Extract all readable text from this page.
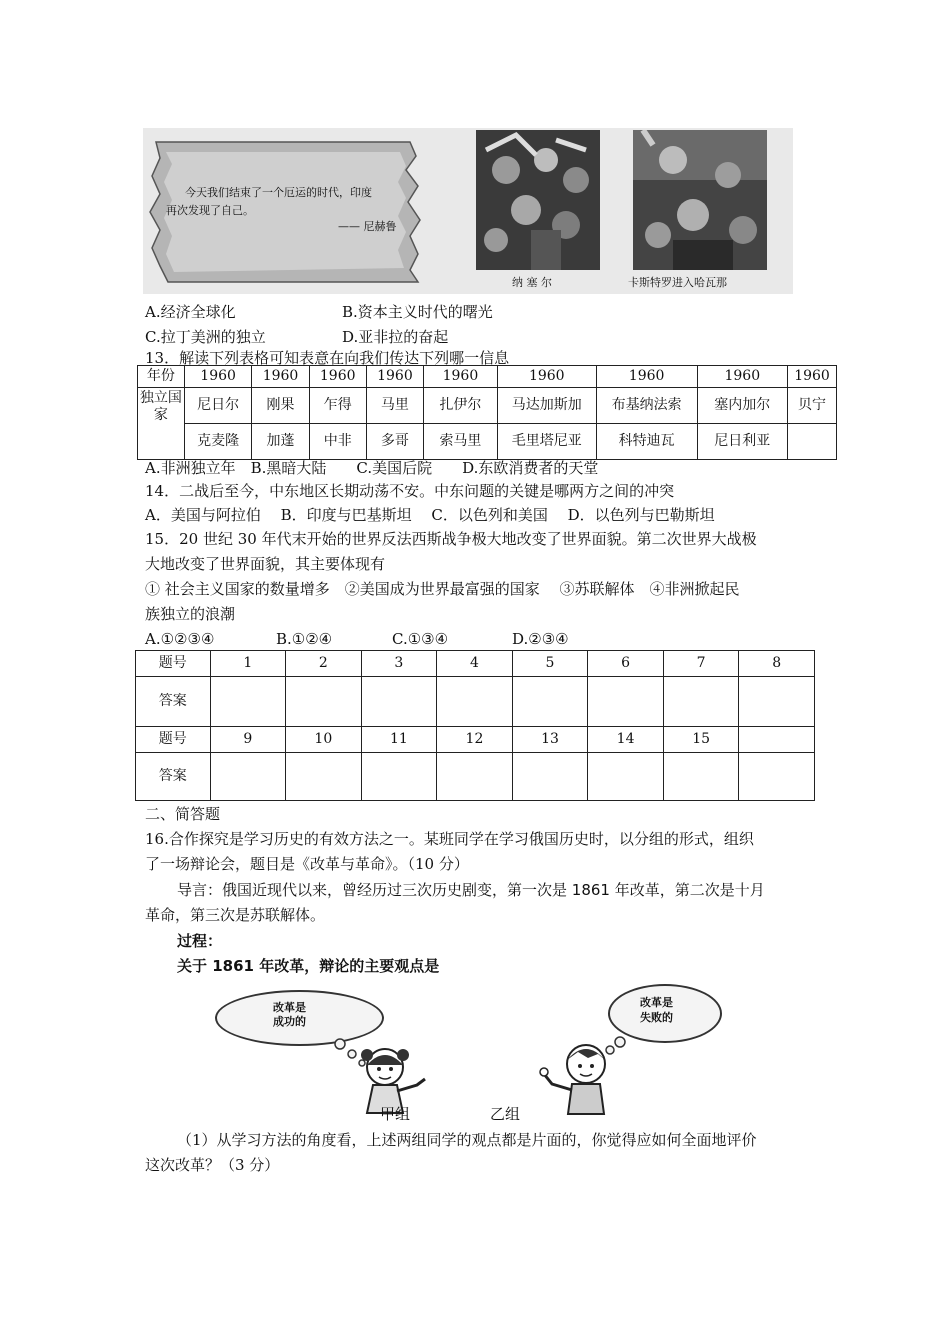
今天我们结束了一个厄运的时代，印度
再次发现了自己。
—— 尼赫鲁
纳 塞 尔	卡斯特罗进入哈瓦那
A.经济全球化	B.资本主义时代的曙光
C.拉丁美洲的独立	D.亚非拉的奋起
13．解读下列表格可知表意在向我们传达下列哪一信息
年份	1960	1960	1960	1960	1960	1960	1960	1960	1960
独立国家	尼日尔	刚果	乍得	马里	扎伊尔	马达加斯加	布基纳法索	塞内加尔	贝宁
	克麦隆	加蓬	中非	多哥	索马里	毛里塔尼亚	科特迪瓦	尼日利亚	
A.非洲独立年　B.黑暗大陆　　C.美国后院　　D.东欧消费者的天堂
14．二战后至今，中东地区长期动荡不安。中东问题的关键是哪两方之间的冲突
A．美国与阿拉伯　 B．印度与巴基斯坦　 C．以色列和美国　 D．以色列与巴勒斯坦
15．20 世纪 30 年代末开始的世界反法西斯战争极大地改变了世界面貌。第二次世界大战极
大地改变了世界面貌，其主要体现有
① 社会主义国家的数量增多　②美国成为世界最富强的国家　 ③苏联解体　④非洲掀起民
族独立的浪潮
A.①②③④	B.①②④	C.①③④	D.②③④
题号	1	2	3	4	5	6	7	8
答案								
题号	9	10	11	12	13	14	15	
答案								
二、简答题
16.合作探究是学习历史的有效方法之一。某班同学在学习俄国历史时，以分组的形式，组织
了一场辩论会，题目是《改革与革命》。（10 分）
导言：俄国近现代以来，曾经历过三次历史剧变，第一次是 1861 年改革，第二次是十月
革命，第三次是苏联解体。
过程：
关于 1861 年改革，辩论的主要观点是
改革是
成功的
改革是
失败的
甲组	乙组
（1）从学习方法的角度看，上述两组同学的观点都是片面的，你觉得应如何全面地评价
这次改革？（3 分）
